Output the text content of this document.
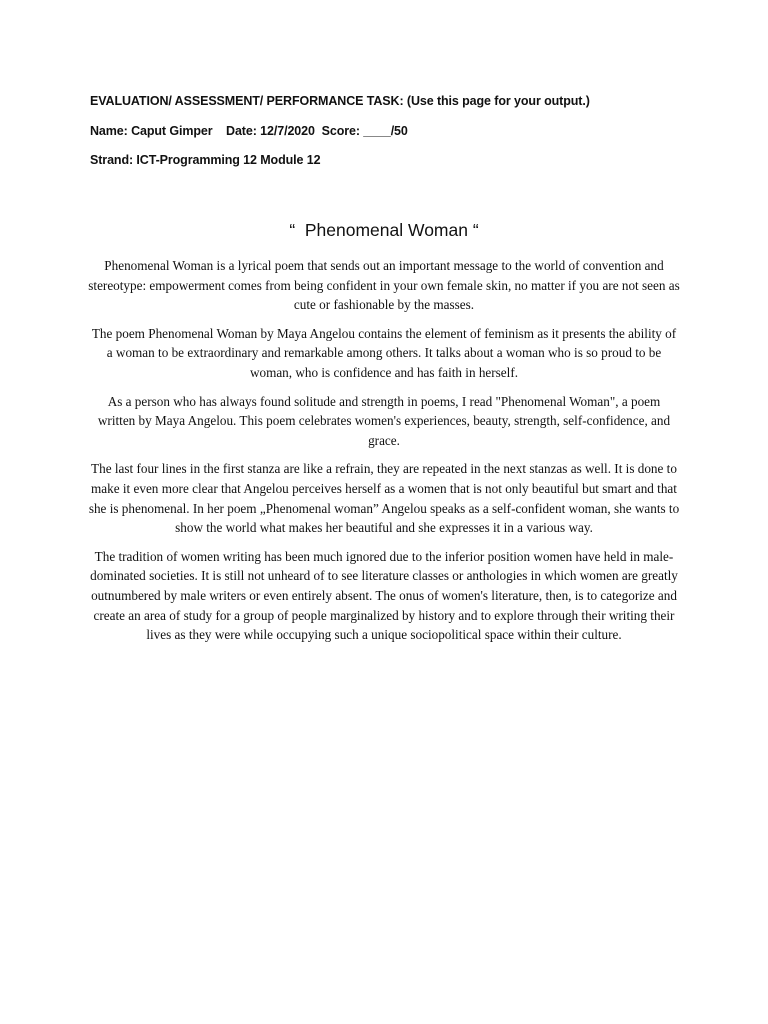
EVALUATION/ ASSESSMENT/ PERFORMANCE TASK: (Use this page for your output.)
Name: Caput Gimper    Date: 12/7/2020  Score: ____/50
Strand: ICT-Programming 12 Module 12
“  Phenomenal Woman “

Phenomenal Woman is a lyrical poem that sends out an important message to the world of convention and stereotype: empowerment comes from being confident in your own female skin, no matter if you are not seen as cute or fashionable by the masses.

The poem Phenomenal Woman by Maya Angelou contains the element of feminism as it presents the ability of a woman to be extraordinary and remarkable among others. It talks about a woman who is so proud to be woman, who is confidence and has faith in herself.

As a person who has always found solitude and strength in poems, I read "Phenomenal Woman", a poem written by Maya Angelou. This poem celebrates women's experiences, beauty, strength, self-confidence, and grace.

The last four lines in the first stanza are like a refrain, they are repeated in the next stanzas as well. It is done to make it even more clear that Angelou perceives herself as a women that is not only beautiful but smart and that she is phenomenal. In her poem „Phenomenal woman” Angelou speaks as a self-confident woman, she wants to show the world what makes her beautiful and she expresses it in a various way.

The tradition of women writing has been much ignored due to the inferior position women have held in male-dominated societies. It is still not unheard of to see literature classes or anthologies in which women are greatly outnumbered by male writers or even entirely absent. The onus of women's literature, then, is to categorize and create an area of study for a group of people marginalized by history and to explore through their writing their lives as they were while occupying such a unique sociopolitical space within their culture.
